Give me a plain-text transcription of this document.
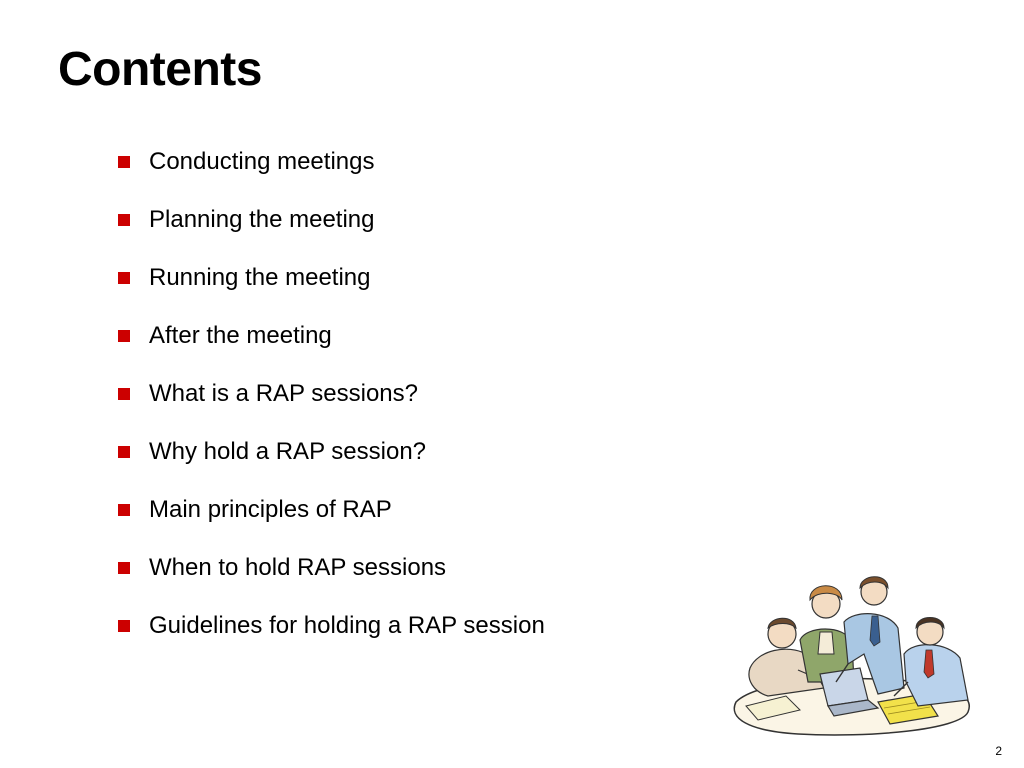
Contents
Conducting meetings
Planning the meeting
Running the meeting
After the meeting
What is a RAP sessions?
Why hold a RAP session?
Main principles of RAP
When to hold RAP sessions
Guidelines for holding a RAP session
2
